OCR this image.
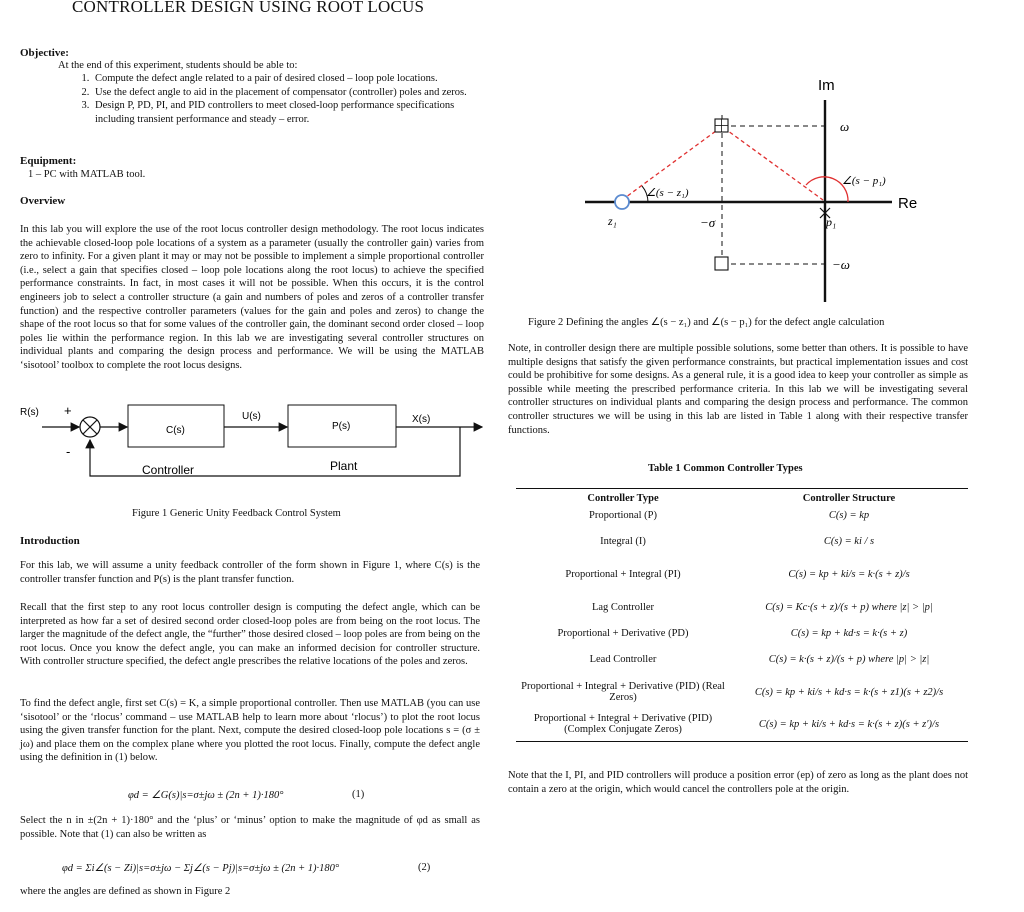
CONTROLLER DESIGN USING ROOT LOCUS
Objective:
At the end of this experiment, students should be able to:
1. Compute the defect angle related to a pair of desired closed – loop pole locations.
2. Use the defect angle to aid in the placement of compensator (controller) poles and zeros.
3. Design P, PD, PI, and PID controllers to meet closed-loop performance specifications including transient performance and steady – error.
Equipment:
1 – PC with MATLAB tool.
Overview
In this lab you will explore the use of the root locus controller design methodology. The root locus indicates the achievable closed-loop pole locations of a system as a parameter (usually the controller gain) varies from zero to infinity. For a given plant it may or may not be possible to implement a simple proportional controller (i.e., select a gain that specifies closed – loop pole locations along the root locus) to achieve the specified performance constraints. In fact, in most cases it will not be possible. When this occurs, it is the control engineers job to select a controller structure (a gain and numbers of poles and zeros of a controller transfer function) and the respective controller parameters (values for the gain and poles and zeros) to change the shape of the root locus so that for some values of the controller gain, the dominant second order closed – loop poles lie within the performance region. In this lab we are investigating several controller structures on individual plants and comparing the design process and performance. We will be using the MATLAB ‘sisotool’ toolbox to complete the root locus designs.
R(s) +
-
C(s)
U(s)
P(s)
X(s)
Controller	Plant
Figure 1 Generic Unity Feedback Control System
Introduction
For this lab, we will assume a unity feedback controller of the form shown in Figure 1, where C(s) is the controller transfer function and P(s) is the plant transfer function.
Recall that the first step to any root locus controller design is computing the defect angle, which can be interpreted as how far a set of desired second order closed-loop poles are from being on the root locus. The larger the magnitude of the defect angle, the “further” those desired closed – loop poles are from being on the root locus. Once you know the defect angle, you can make an informed decision for controller structure. With controller structure specified, the defect angle prescribes the relative locations of the poles and zeros.
To find the defect angle, first set C(s) = K, a simple proportional controller. Then use MATLAB (you can use ‘sisotool’ or the ‘rlocus’ command – use MATLAB help to learn more about ‘rlocus’) to plot the root locus using the given transfer function for the plant. Next, compute the desired closed-loop pole locations s = (σ ± jω) and place them on the complex plane where you plotted the root locus. Finally, compute the defect angle using the definition in (1) below.
φd = ∠G(s)|s=σ±jω ± (2n + 1)·180°	(1)
Select the n in ±(2n + 1)·180° and the ‘plus’ or ‘minus’ option to make the magnitude of φd as small as possible. Note that (1) can also be written as
φd = Σi∠(s − Zi)|s=σ±jω − Σj∠(s − Pj)|s=σ±jω ± (2n + 1)·180°	(2)
where the angles are defined as shown in Figure 2
Im
Re
ω
−ω
−σ
z₁	p₁
∠(s − z₁)
∠(s − p₁)
Figure 2 Defining the angles ∠(s − z₁) and ∠(s − p₁) for the defect angle calculation
Note, in controller design there are multiple possible solutions, some better than others. It is possible to have multiple designs that satisfy the given performance constraints, but practical implementation issues and cost could be prohibitive for some designs. As a general rule, it is a good idea to keep your controller as simple as possible while meeting the prescribed performance criteria. In this lab we will be investigating several controller structures on individual plants and comparing the design process and performance. The common controller structures we will be using in this lab are listed in Table 1 along with their respective transfer functions.
Table 1 Common Controller Types
Controller Type	Controller Structure
Proportional (P)	C(s) = kp
Integral (I)	C(s) = ki / s
Proportional + Integral (PI)	C(s) = kp + ki/s = k·(s + z)/s
Lag Controller	C(s) = Kc·(s + z)/(s + p) where |z| > |p|
Proportional + Derivative (PD)	C(s) = kp + kd·s = k·(s + z)
Lead Controller	C(s) = k·(s + z)/(s + p) where |p| > |z|
Proportional + Integral + Derivative (PID) (Real Zeros)	C(s) = kp + ki/s + kd·s = k·(s + z1)(s + z2)/s
Proportional + Integral + Derivative (PID) (Complex Conjugate Zeros)	C(s) = kp + ki/s + kd·s = k·(s + z)(s + z′)/s
Note that the I, PI, and PID controllers will produce a position error (ep) of zero as long as the plant does not contain a zero at the origin, which would cancel the controllers pole at the origin.
